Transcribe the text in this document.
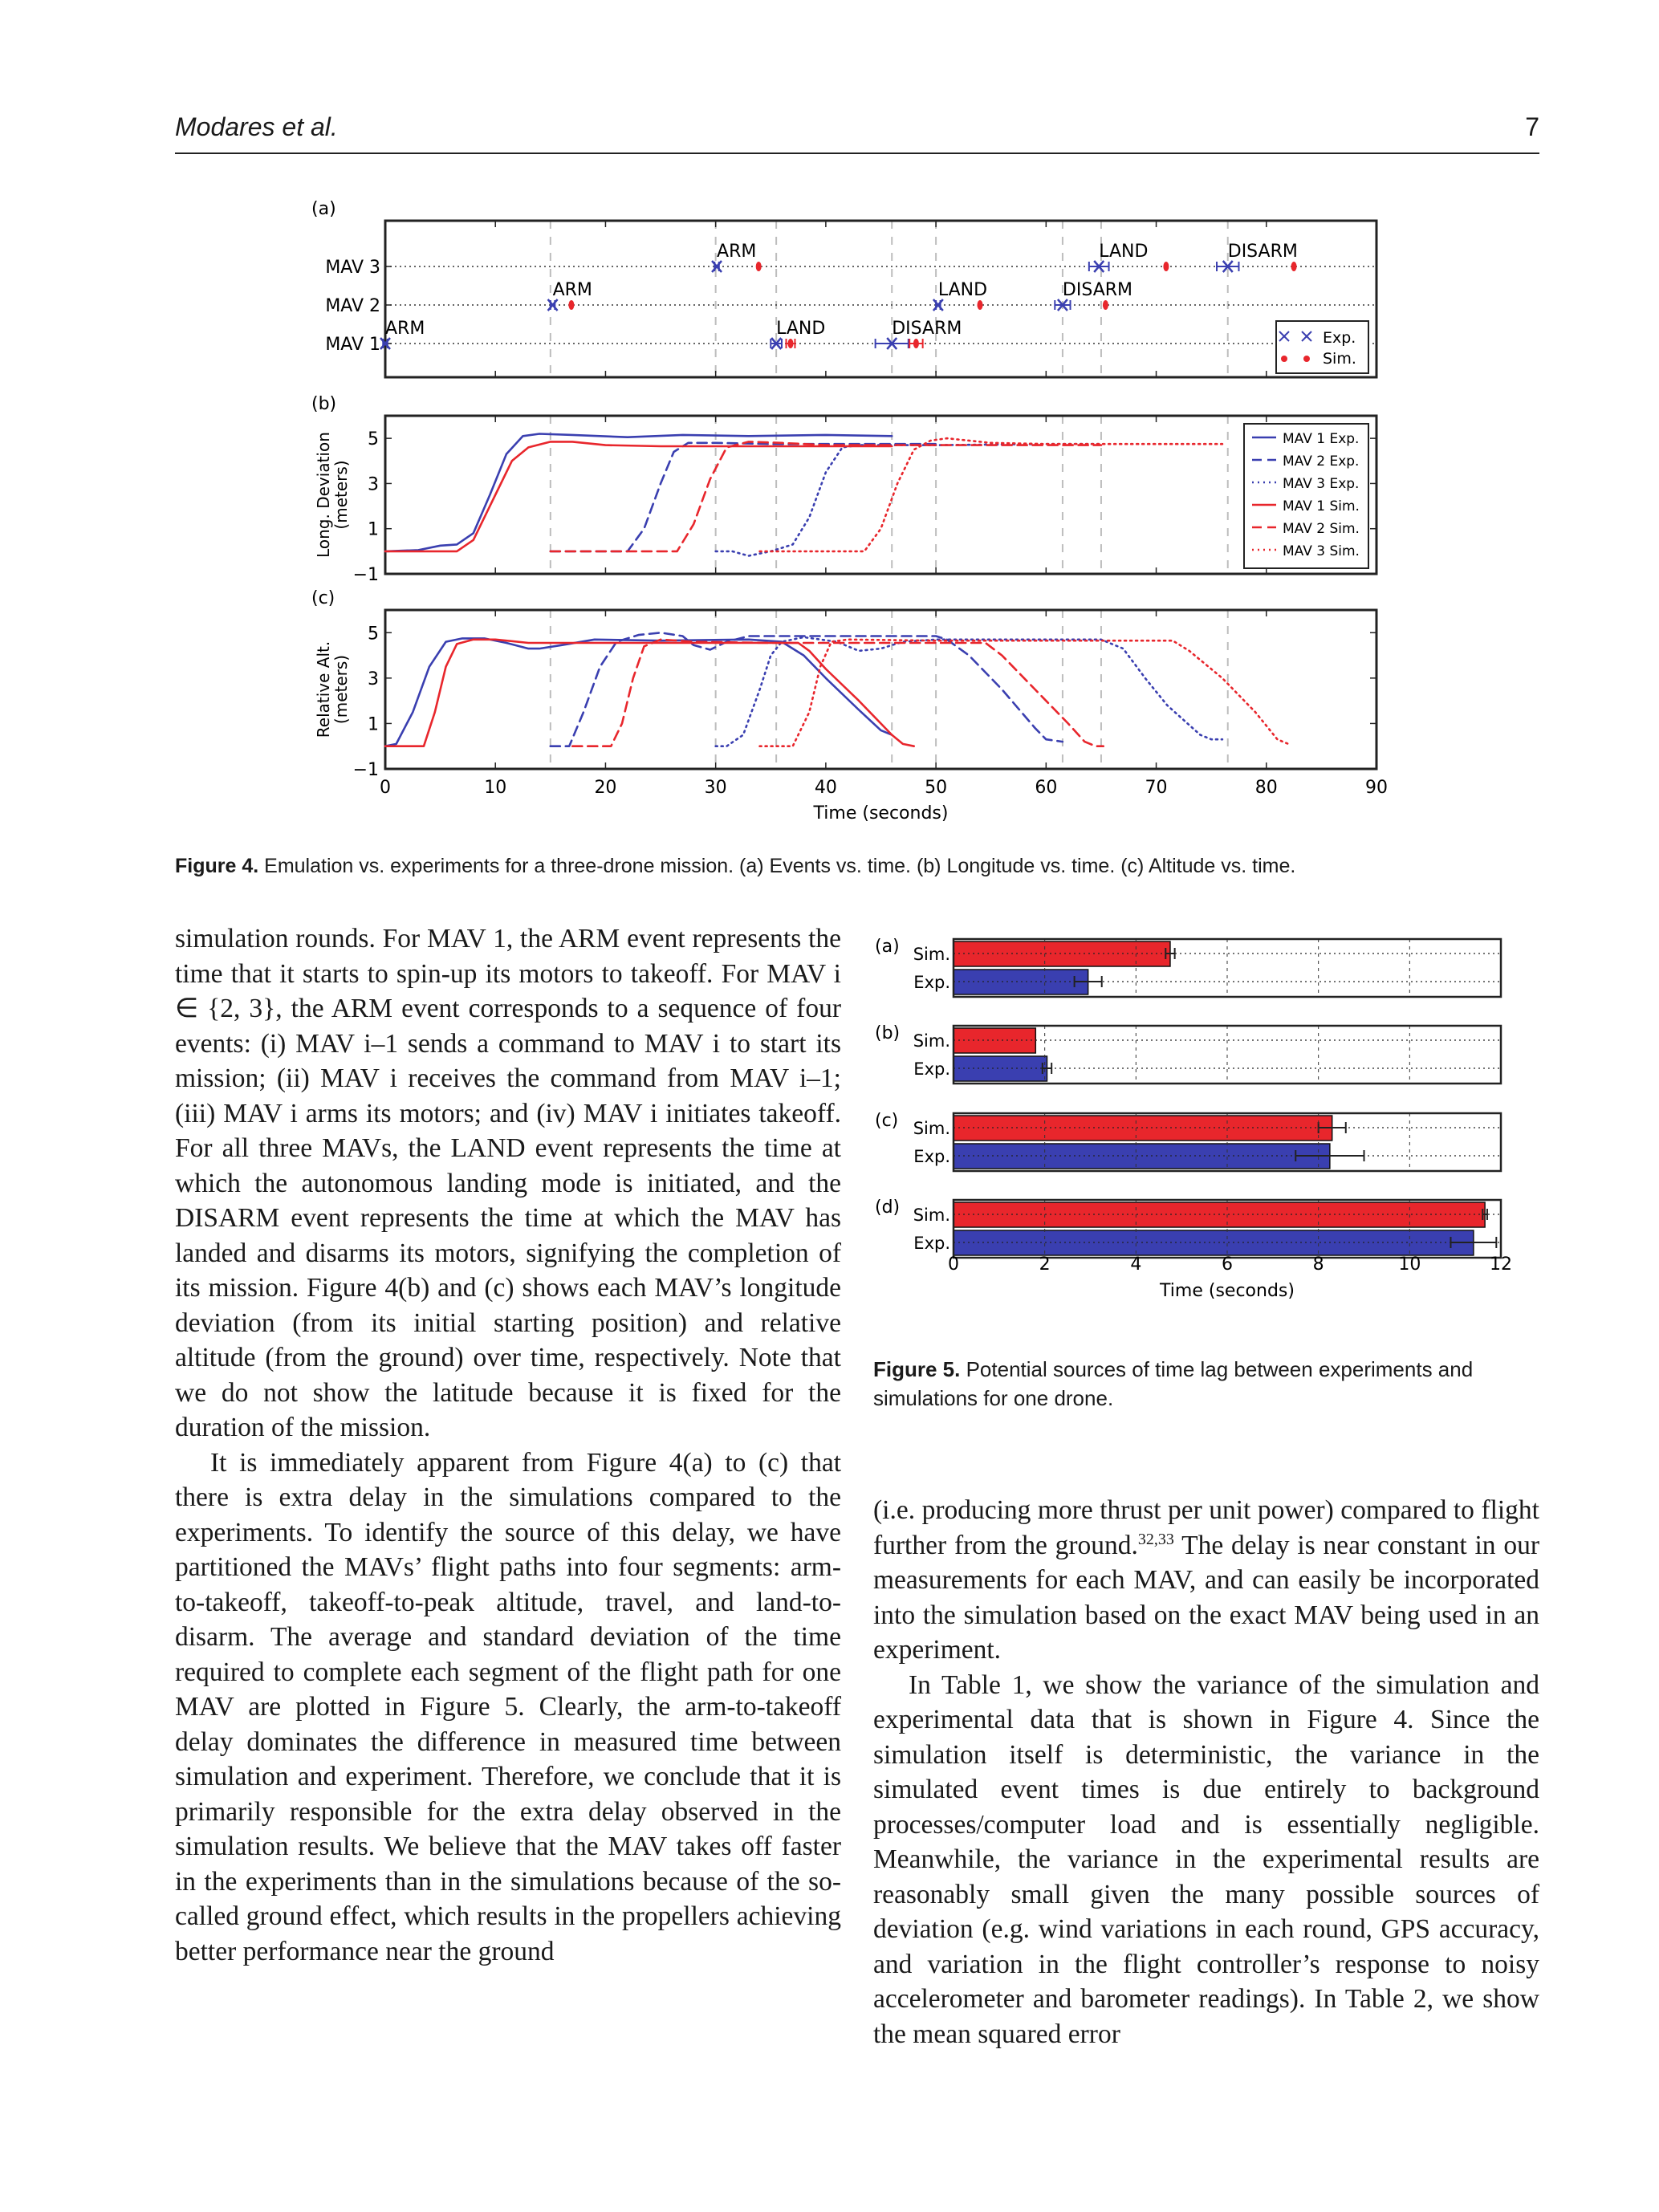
Modares et al.	7
(a)
(b)
(c)
MAV 1
MAV 2
MAV 3
ARM	LAND	DISARM
ARM	LAND	DISARM
ARM	LAND	DISARM
Exp.
Sim.
−1
1
3
5
Long. Deviation
(meters)
MAV 1 Exp.
MAV 2 Exp.
MAV 3 Exp.
MAV 1 Sim.
MAV 2 Sim.
MAV 3 Sim.
−1
1
3
5
Relative Alt.
(meters)
0	10	20	30	40	50	60	70	80	90
Time (seconds)
Figure 4. Emulation vs. experiments for a three-drone mission. (a) Events vs. time. (b) Longitude vs. time. (c) Altitude vs. time.
(a) Sim.
Exp.
(b) Sim.
Exp.
(c) Sim.
Exp.
(d) Sim.
Exp.
0	2	4	6	8	10	12
Time (seconds)
Figure 5. Potential sources of time lag between experiments and simulations for one drone.

simulation rounds. For MAV 1, the ARM event represents the time that it starts to spin-up its motors to takeoff. For MAV i ∈ {2, 3}, the ARM event corresponds to a sequence of four events: (i) MAV i–1 sends a command to MAV i to start its mission; (ii) MAV i receives the command from MAV i–1; (iii) MAV i arms its motors; and (iv) MAV i initiates takeoff. For all three MAVs, the LAND event represents the time at which the autonomous landing mode is initiated, and the DISARM event represents the time at which the MAV has landed and disarms its motors, signifying the completion of its mission. Figure 4(b) and (c) shows each MAV’s longitude deviation (from its initial starting position) and relative altitude (from the ground) over time, respectively. Note that we do not show the latitude because it is fixed for the duration of the mission.

It is immediately apparent from Figure 4(a) to (c) that there is extra delay in the simulations compared to the experiments. To identify the source of this delay, we have partitioned the MAVs’ flight paths into four segments: arm-to-takeoff, takeoff-to-peak altitude, travel, and land-to-disarm. The average and standard deviation of the time required to complete each segment of the flight path for one MAV are plotted in Figure 5. Clearly, the arm-to-takeoff delay dominates the difference in measured time between simulation and experiment. Therefore, we conclude that it is primarily responsible for the extra delay observed in the simulation results. We believe that the MAV takes off faster in the experiments than in the simulations because of the so-called ground effect, which results in the propellers achieving better performance near the ground

(i.e. producing more thrust per unit power) compared to flight further from the ground.$^{32,33}$ The delay is near constant in our measurements for each MAV, and can easily be incorporated into the simulation based on the exact MAV being used in an experiment.

In Table 1, we show the variance of the simulation and experimental data that is shown in Figure 4. Since the simulation itself is deterministic, the variance in the simulated event times is due entirely to background processes/computer load and is essentially negligible. Meanwhile, the variance in the experimental results are reasonably small given the many possible sources of deviation (e.g. wind variations in each round, GPS accuracy, and variation in the flight controller’s response to noisy accelerometer and barometer readings). In Table 2, we show the mean squared error
